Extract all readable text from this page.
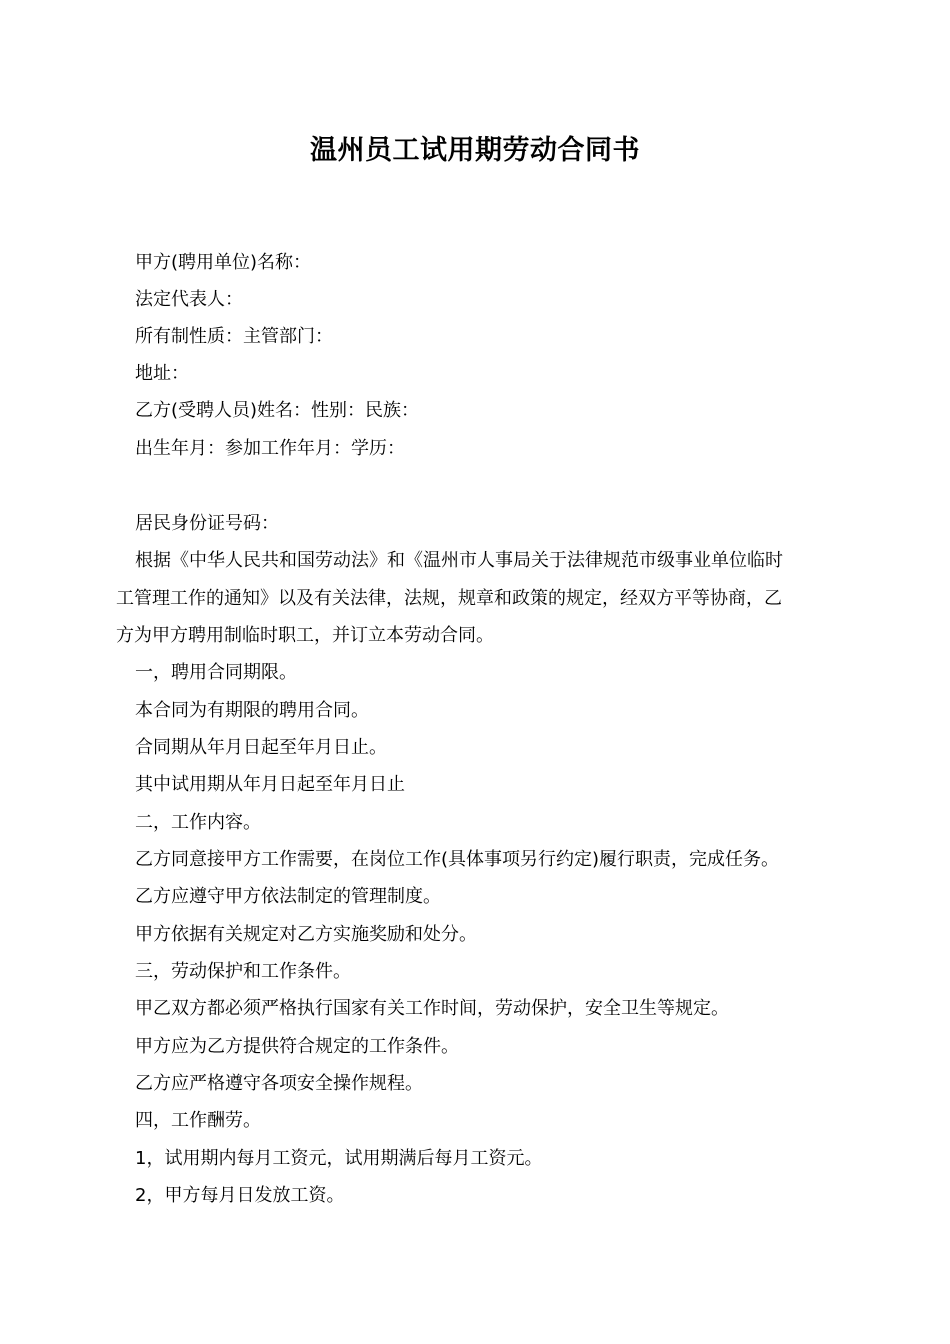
温州员工试用期劳动合同书
甲方(聘用单位)名称：
法定代表人：
所有制性质：主管部门：
地址：
乙方(受聘人员)姓名：性别：民族：
出生年月：参加工作年月：学历：
居民身份证号码：
根据《中华人民共和国劳动法》和《温州市人事局关于法律规范市级事业单位临时
工管理工作的通知》以及有关法律，法规，规章和政策的规定，经双方平等协商，乙
方为甲方聘用制临时职工，并订立本劳动合同。
一，聘用合同期限。
本合同为有期限的聘用合同。
合同期从年月日起至年月日止。
其中试用期从年月日起至年月日止
二，工作内容。
乙方同意接甲方工作需要，在岗位工作(具体事项另行约定)履行职责，完成任务。
乙方应遵守甲方依法制定的管理制度。
甲方依据有关规定对乙方实施奖励和处分。
三，劳动保护和工作条件。
甲乙双方都必须严格执行国家有关工作时间，劳动保护，安全卫生等规定。
甲方应为乙方提供符合规定的工作条件。
乙方应严格遵守各项安全操作规程。
四，工作酬劳。
1，试用期内每月工资元，试用期满后每月工资元。
2，甲方每月日发放工资。
